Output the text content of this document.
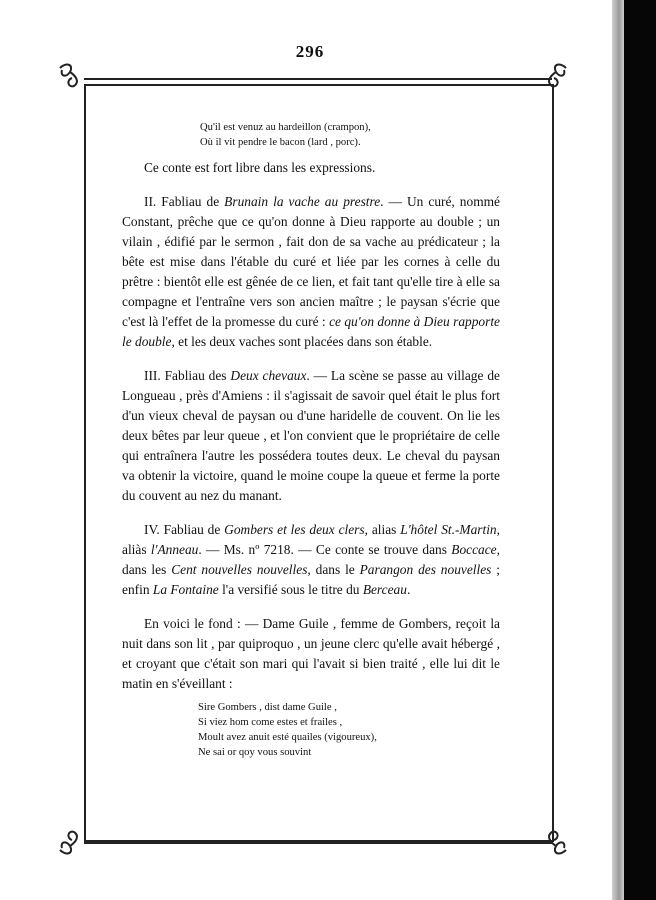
296
Qu'il est venuz au hardeillon (crampon),
Où il vit pendre le bacon (lard , porc).

Ce conte est fort libre dans les expressions.

II. Fabliau de Brunain la vache au prestre. — Un curé, nommé Constant, prêche que ce qu'on donne à Dieu rapporte au double ; un vilain , édifié par le sermon , fait don de sa vache au prédicateur ; la bête est mise dans l'étable du curé et liée par les cornes à celle du prêtre : bientôt elle est gênée de ce lien, et fait tant qu'elle tire à elle sa compagne et l'entraîne vers son ancien maître ; le paysan s'écrie que c'est là l'effet de la promesse du curé : ce qu'on donne à Dieu rapporte le double, et les deux vaches sont placées dans son étable.

III. Fabliau des Deux chevaux. — La scène se passe au village de Longueau , près d'Amiens : il s'agissait de savoir quel était le plus fort d'un vieux cheval de paysan ou d'une haridelle de couvent. On lie les deux bêtes par leur queue , et l'on convient que le propriétaire de celle qui entraînera l'autre les possédera toutes deux. Le cheval du paysan va obtenir la victoire, quand le moine coupe la queue et ferme la porte du couvent au nez du manant.

IV. Fabliau de Gombers et les deux clers, alias L'hôtel St.-Martin, aliàs l'Anneau. — Ms. nº 7218. — Ce conte se trouve dans Boccace, dans les Cent nouvelles nouvelles, dans le Parangon des nouvelles ; enfin La Fontaine l'a versifié sous le titre du Berceau.

En voici le fond : — Dame Guile , femme de Gombers, reçoit la nuit dans son lit , par quiproquo , un jeune clerc qu'elle avait hébergé , et croyant que c'était son mari qui l'avait si bien traité , elle lui dit le matin en s'éveillant :

Sire Gombers , dist dame Guile ,
Si viez hom come estes et frailes ,
Moult avez anuit esté quailes (vigoureux),
Ne sai or qoy vous souvint
